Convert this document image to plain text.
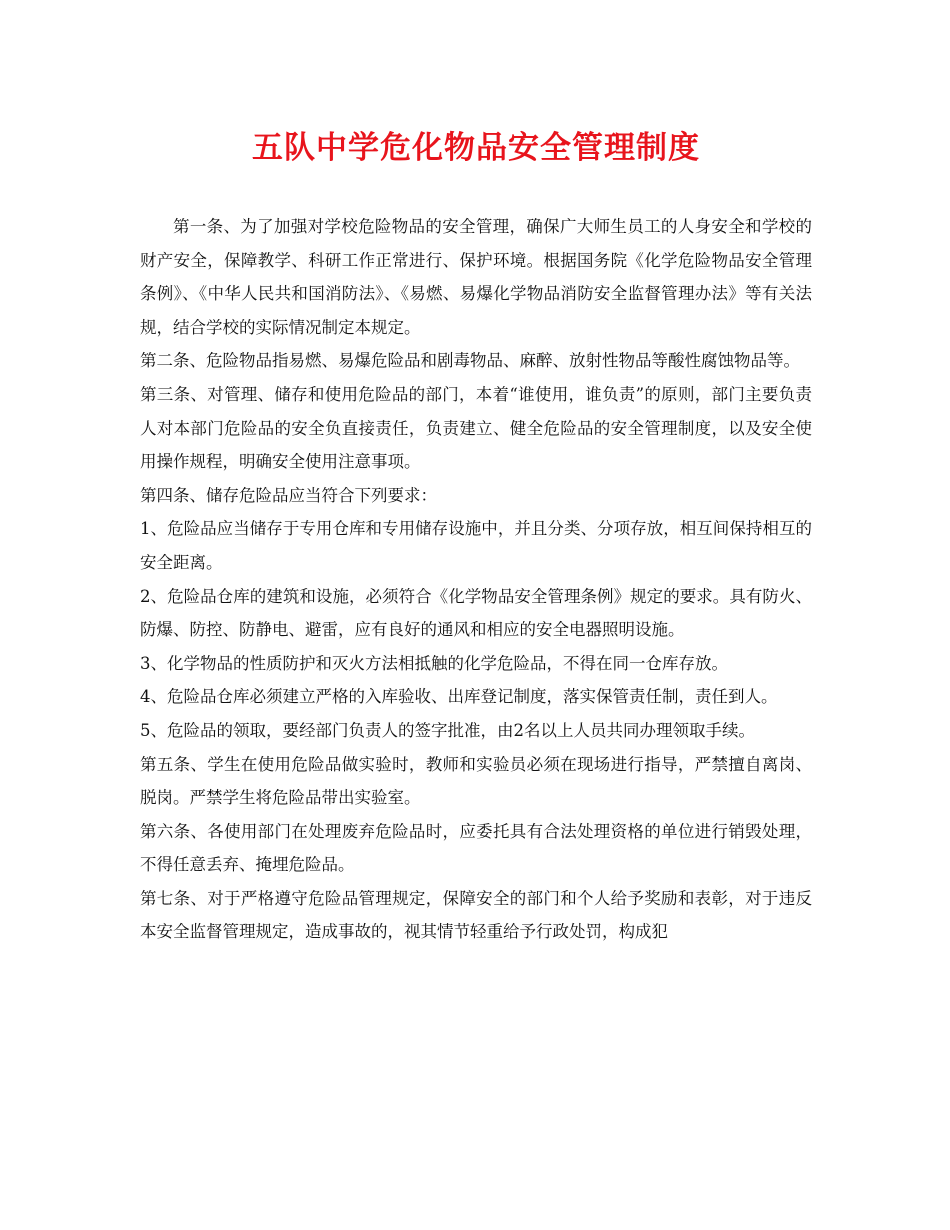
五队中学危化物品安全管理制度

第一条、为了加强对学校危险物品的安全管理，确保广大师生员工的人身安全和学校的财产安全，保障教学、科研工作正常进行、保护环境。根据国务院《化学危险物品安全管理条例》、《中华人民共和国消防法》、《易燃、易爆化学物品消防安全监督管理办法》等有关法规，结合学校的实际情况制定本规定。

第二条、危险物品指易燃、易爆危险品和剧毒物品、麻醉、放射性物品等酸性腐蚀物品等。

第三条、对管理、储存和使用危险品的部门，本着“谁使用，谁负责”的原则，部门主要负责人对本部门危险品的安全负直接责任，负责建立、健全危险品的安全管理制度，以及安全使用操作规程，明确安全使用注意事项。

第四条、储存危险品应当符合下列要求：

1、危险品应当储存于专用仓库和专用储存设施中，并且分类、分项存放，相互间保持相互的安全距离。

2、危险品仓库的建筑和设施，必须符合《化学物品安全管理条例》规定的要求。具有防火、防爆、防控、防静电、避雷，应有良好的通风和相应的安全电器照明设施。

3、化学物品的性质防护和灭火方法相抵触的化学危险品，不得在同一仓库存放。

4、危险品仓库必须建立严格的入库验收、出库登记制度，落实保管责任制，责任到人。

5、危险品的领取，要经部门负责人的签字批准，由2名以上人员共同办理领取手续。

第五条、学生在使用危险品做实验时，教师和实验员必须在现场进行指导，严禁擅自离岗、脱岗。严禁学生将危险品带出实验室。

第六条、各使用部门在处理废弃危险品时，应委托具有合法处理资格的单位进行销毁处理，不得任意丢弃、掩埋危险品。

第七条、对于严格遵守危险品管理规定，保障安全的部门和个人给予奖励和表彰，对于违反本安全监督管理规定，造成事故的，视其情节轻重给予行政处罚，构成犯
